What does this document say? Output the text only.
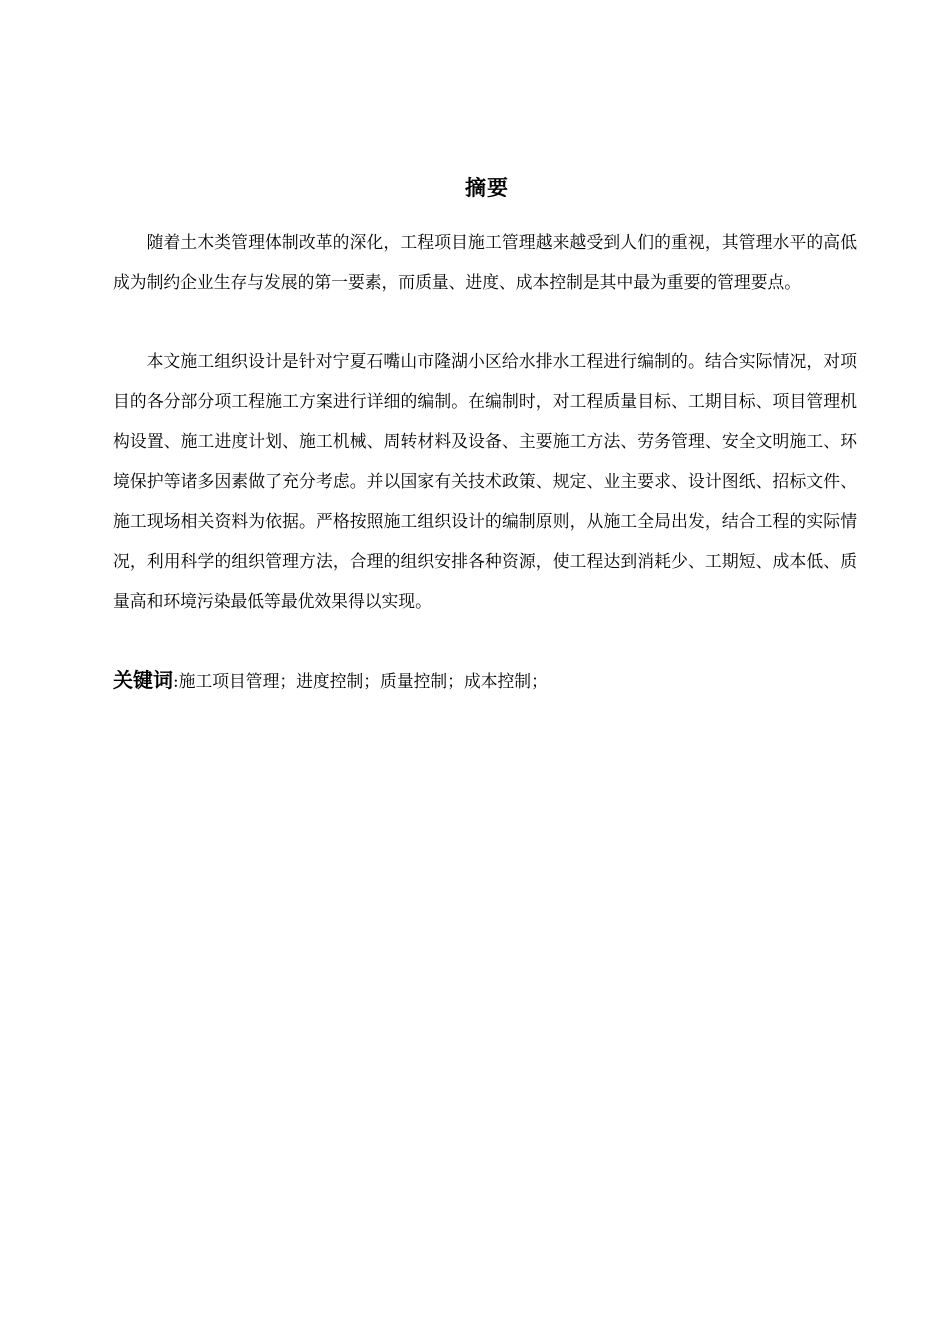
摘要

随着土木类管理体制改革的深化，工程项目施工管理越来越受到人们的重视，其管理水平的高低成为制约企业生存与发展的第一要素，而质量、进度、成本控制是其中最为重要的管理要点。

本文施工组织设计是针对宁夏石嘴山市隆湖小区给水排水工程进行编制的。结合实际情况，对项目的各分部分项工程施工方案进行详细的编制。在编制时，对工程质量目标、工期目标、项目管理机构设置、施工进度计划、施工机械、周转材料及设备、主要施工方法、劳务管理、安全文明施工、环境保护等诸多因素做了充分考虑。并以国家有关技术政策、规定、业主要求、设计图纸、招标文件、施工现场相关资料为依据。严格按照施工组织设计的编制原则，从施工全局出发，结合工程的实际情况，利用科学的组织管理方法，合理的组织安排各种资源，使工程达到消耗少、工期短、成本低、质量高和环境污染最低等最优效果得以实现。

关键词:施工项目管理；进度控制；质量控制；成本控制；
